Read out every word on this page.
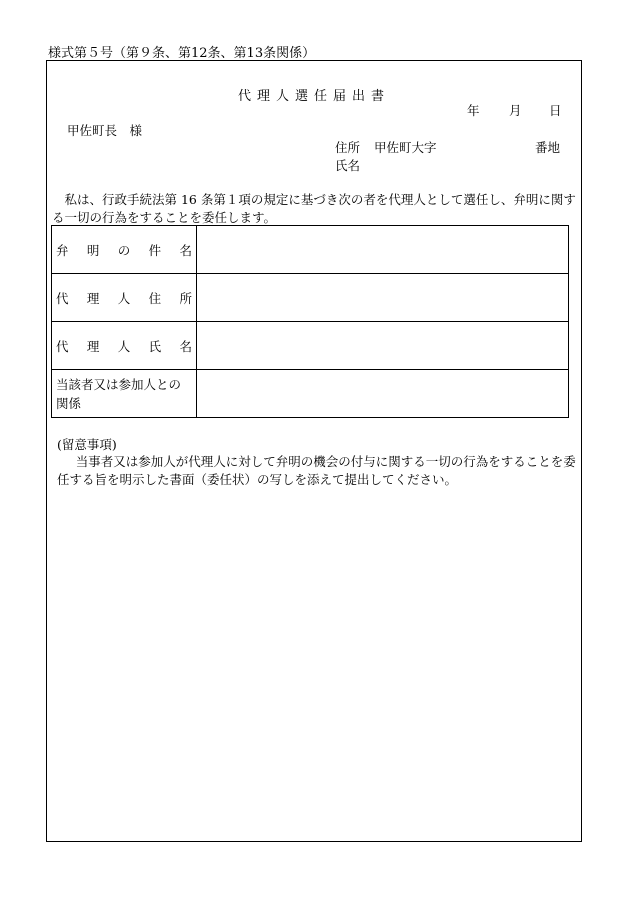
様式第５号（第９条、第12条、第13条関係）
代理人選任届出書
年 月 日
甲佐町長　様
住所 甲佐町大字	番地
氏名
私は、行政手続法第 16 条第１項の規定に基づき次の者を代理人として選任し、弁明に関する一切の行為をすることを委任します。
弁 明 の 件 名	

代 理 人 住 所	

代 理 人 氏 名	

当該者又は参加人との関係	

(留意事項)
当事者又は参加人が代理人に対して弁明の機会の付与に関する一切の行為をすることを委任する旨を明示した書面（委任状）の写しを添えて提出してください。
